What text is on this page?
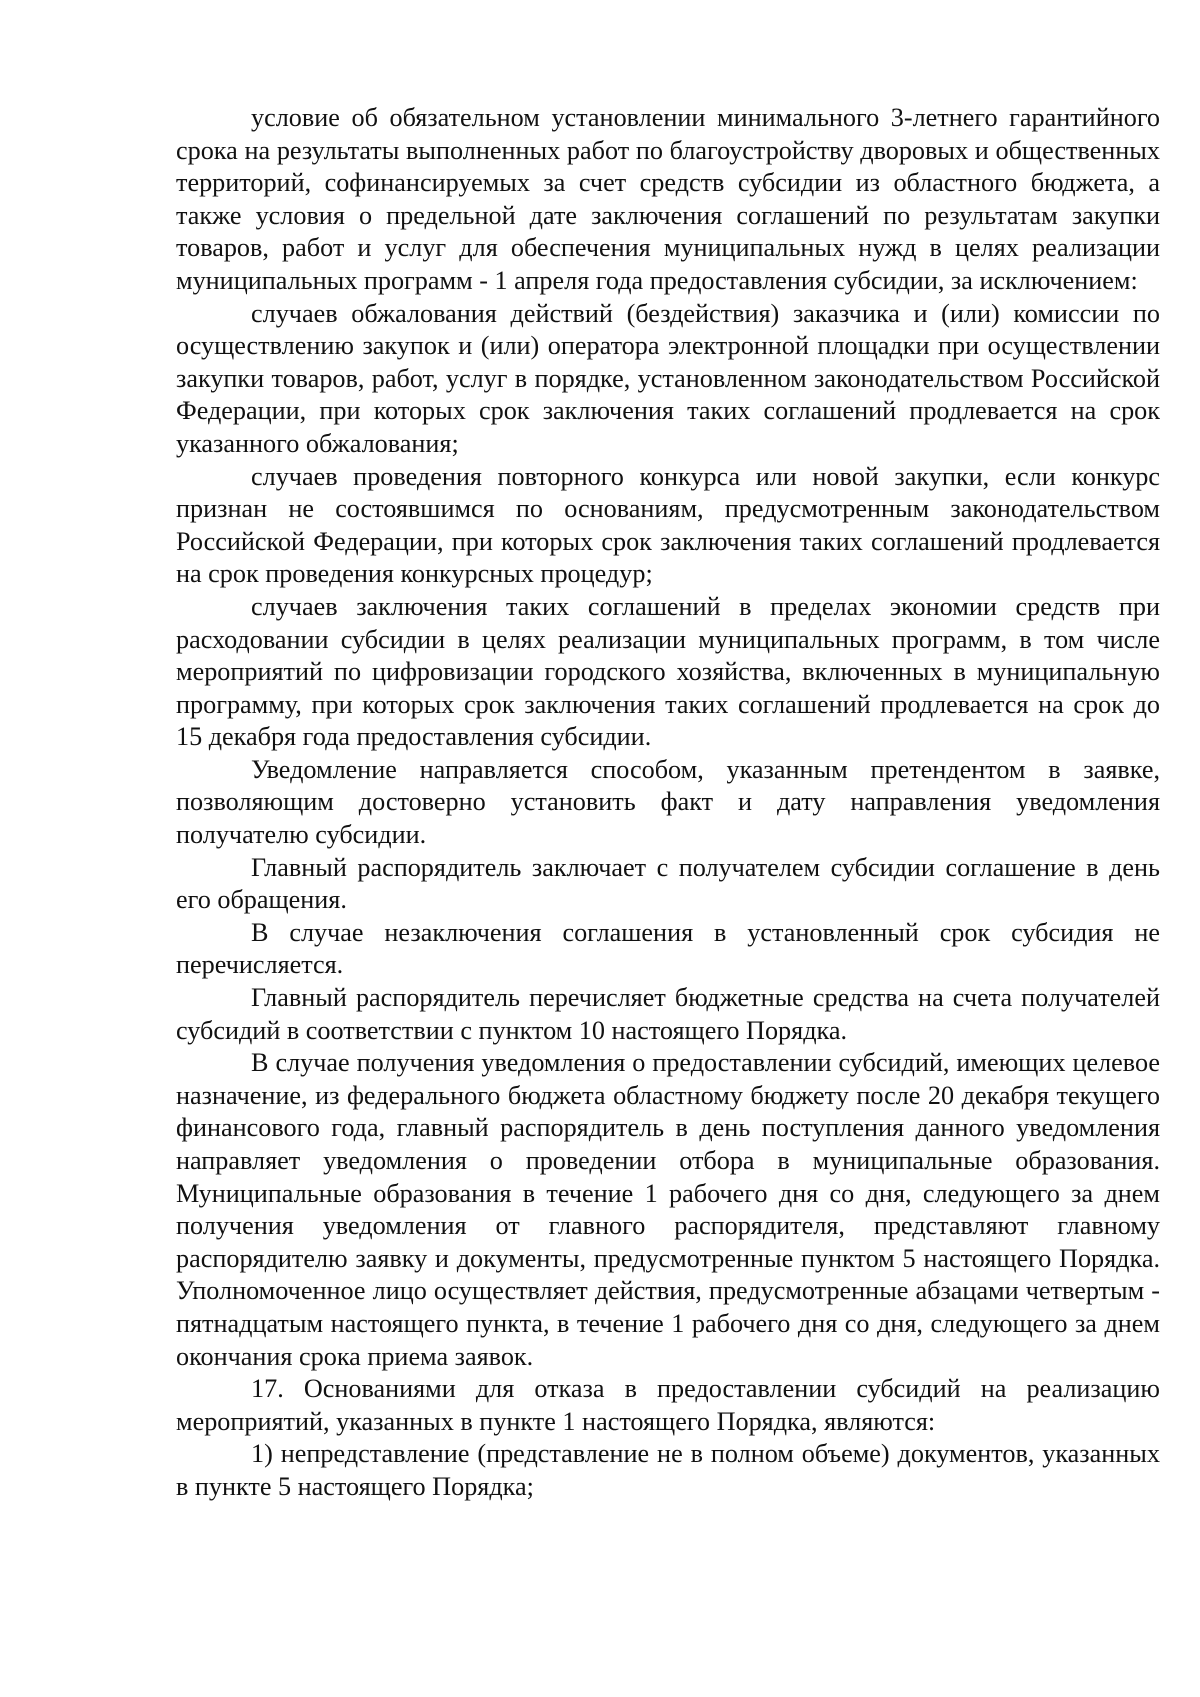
условие об обязательном установлении минимального 3-летнего гарантийного срока на результаты выполненных работ по благоустройству дворовых и общественных территорий, софинансируемых за счет средств субсидии из областного бюджета, а также условия о предельной дате заключения соглашений по результатам закупки товаров, работ и услуг для обеспечения муниципальных нужд в целях реализации муниципальных программ - 1 апреля года предоставления субсидии, за исключением:

случаев обжалования действий (бездействия) заказчика и (или) комиссии по осуществлению закупок и (или) оператора электронной площадки при осуществлении закупки товаров, работ, услуг в порядке, установленном законодательством Российской Федерации, при которых срок заключения таких соглашений продлевается на срок указанного обжалования;

случаев проведения повторного конкурса или новой закупки, если конкурс признан не состоявшимся по основаниям, предусмотренным законодательством Российской Федерации, при которых срок заключения таких соглашений продлевается на срок проведения конкурсных процедур;

случаев заключения таких соглашений в пределах экономии средств при расходовании субсидии в целях реализации муниципальных программ, в том числе мероприятий по цифровизации городского хозяйства, включенных в муниципальную программу, при которых срок заключения таких соглашений продлевается на срок до 15 декабря года предоставления субсидии.

Уведомление направляется способом, указанным претендентом в заявке, позволяющим достоверно установить факт и дату направления уведомления получателю субсидии.

Главный распорядитель заключает с получателем субсидии соглашение в день его обращения.

В случае незаключения соглашения в установленный срок субсидия не перечисляется.

Главный распорядитель перечисляет бюджетные средства на счета получателей субсидий в соответствии с пунктом 10 настоящего Порядка.

В случае получения уведомления о предоставлении субсидий, имеющих целевое назначение, из федерального бюджета областному бюджету после 20 декабря текущего финансового года, главный распорядитель в день поступления данного уведомления направляет уведомления о проведении отбора в муниципальные образования. Муниципальные образования в течение 1 рабочего дня со дня, следующего за днем получения уведомления от главного распорядителя, представляют главному распорядителю заявку и документы, предусмотренные пунктом 5 настоящего Порядка. Уполномоченное лицо осуществляет действия, предусмотренные абзацами четвертым - пятнадцатым настоящего пункта, в течение 1 рабочего дня со дня, следующего за днем окончания срока приема заявок.

17. Основаниями для отказа в предоставлении субсидий на реализацию мероприятий, указанных в пункте 1 настоящего Порядка, являются:

1) непредставление (представление не в полном объеме) документов, указанных в пункте 5 настоящего Порядка;
